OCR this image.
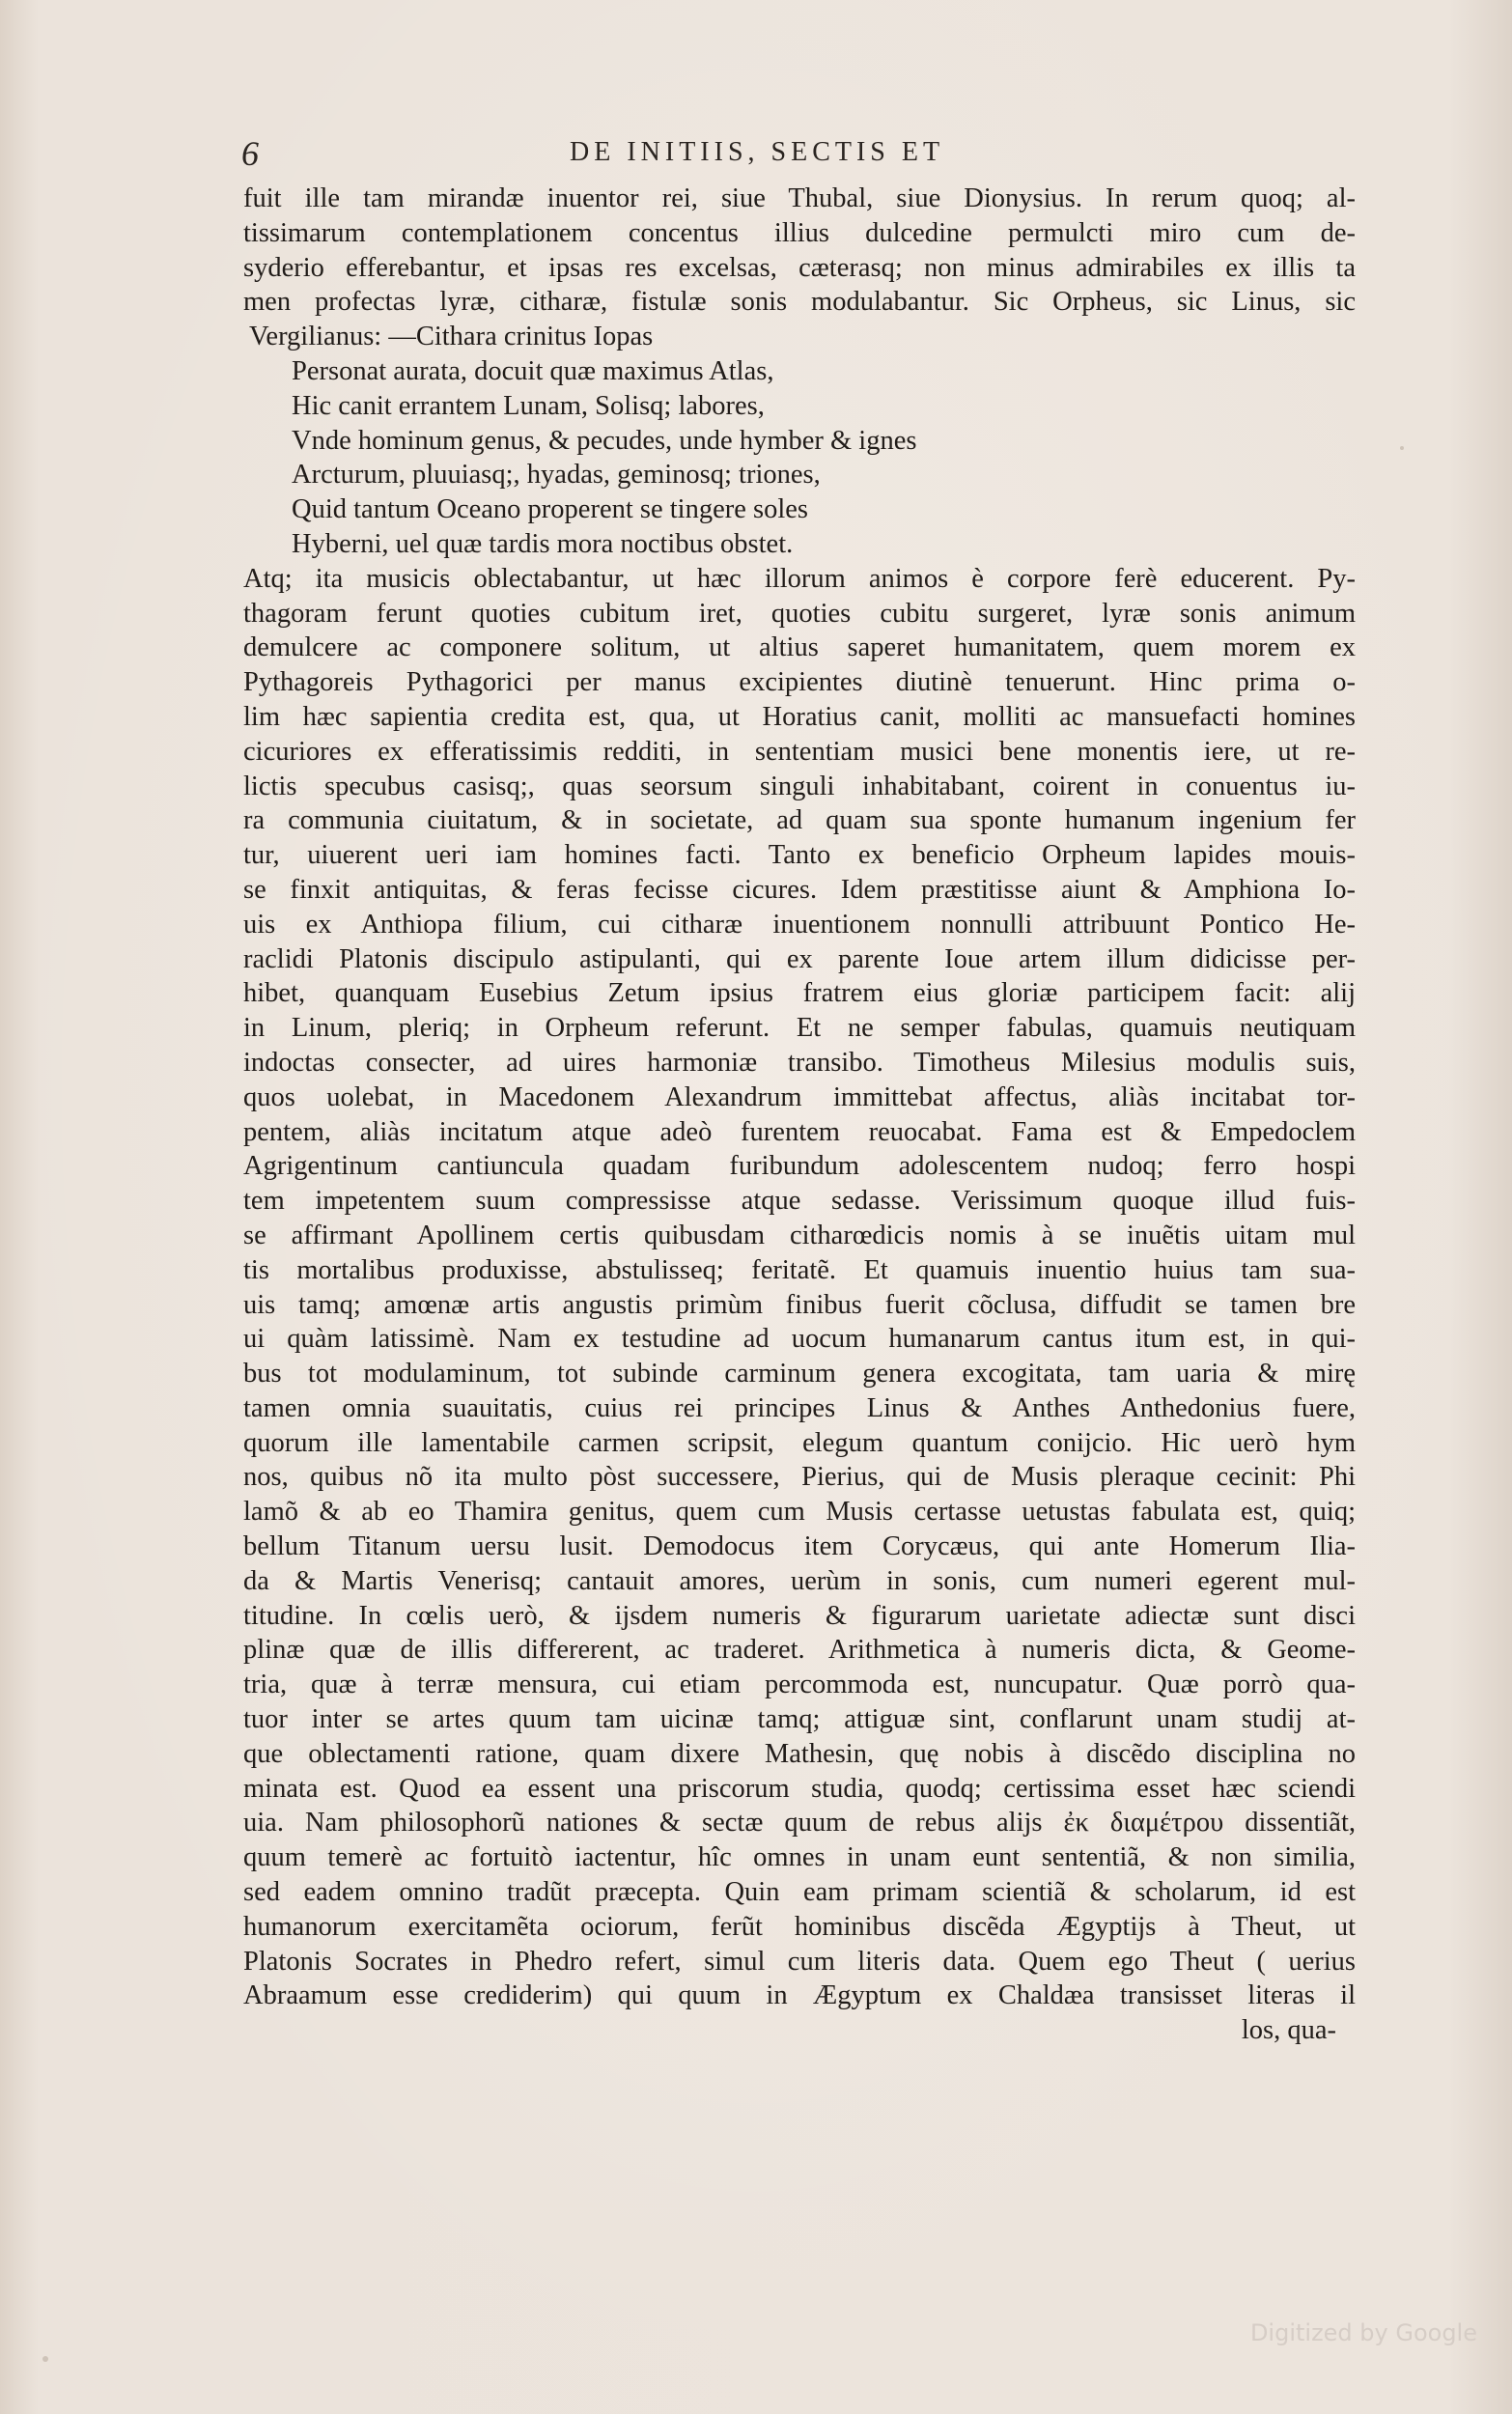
6	DE INITIIS, SECTIS ET
fuit ille tam mirandæ inuentor rei, siue Thubal, siue Dionysius. In rerum quoq; al-
tissimarum contemplationem concentus illius dulcedine permulcti miro cum de-
syderio efferebantur, et ipsas res excelsas, cæterasq; non minus admirabiles ex illis ta
men profectas lyræ, citharæ, fistulæ sonis modulabantur. Sic Orpheus, sic Linus, sic
Vergilianus: —Cithara crinitus Iopas
Personat aurata, docuit quæ maximus Atlas,
Hic canit errantem Lunam, Solisq; labores,
Vnde hominum genus, & pecudes, unde hymber & ignes
Arcturum, pluuiasq;, hyadas, geminosq; triones,
Quid tantum Oceano properent se tingere soles
Hyberni, uel quæ tardis mora noctibus obstet.
Atq; ita musicis oblectabantur, ut hæc illorum animos è corpore ferè educerent. Py-
thagoram ferunt quoties cubitum iret, quoties cubitu surgeret, lyræ sonis animum
demulcere ac componere solitum, ut altius saperet humanitatem, quem morem ex
Pythagoreis Pythagorici per manus excipientes diutinè tenuerunt. Hinc prima o-
lim hæc sapientia credita est, qua, ut Horatius canit, molliti ac mansuefacti homines
cicuriores ex efferatissimis redditi, in sententiam musici bene monentis iere, ut re-
lictis specubus casisq;, quas seorsum singuli inhabitabant, coirent in conuentus iu-
ra communia ciuitatum, & in societate, ad quam sua sponte humanum ingenium fer
tur, uiuerent ueri iam homines facti. Tanto ex beneficio Orpheum lapides mouis-
se finxit antiquitas, & feras fecisse cicures. Idem præstitisse aiunt & Amphiona Io-
uis ex Anthiopa filium, cui citharæ inuentionem nonnulli attribuunt Pontico He-
raclidi Platonis discipulo astipulanti, qui ex parente Ioue artem illum didicisse per-
hibet, quanquam Eusebius Zetum ipsius fratrem eius gloriæ participem facit: alij
in Linum, pleriq; in Orpheum referunt. Et ne semper fabulas, quamuis neutiquam
indoctas consecter, ad uires harmoniæ transibo. Timotheus Milesius modulis suis,
quos uolebat, in Macedonem Alexandrum immittebat affectus, aliàs incitabat tor-
pentem, aliàs incitatum atque adeò furentem reuocabat. Fama est & Empedoclem
Agrigentinum cantiuncula quadam furibundum adolescentem nudoq; ferro hospi
tem impetentem suum compressisse atque sedasse. Verissimum quoque illud fuis-
se affirmant Apollinem certis quibusdam citharœdicis nomis à se inuẽtis uitam mul
tis mortalibus produxisse, abstulisseq; feritatẽ. Et quamuis inuentio huius tam sua-
uis tamq; amœnæ artis angustis primùm finibus fuerit cõclusa, diffudit se tamen bre
ui quàm latissimè. Nam ex testudine ad uocum humanarum cantus itum est, in qui-
bus tot modulaminum, tot subinde carminum genera excogitata, tam uaria & mirę
tamen omnia suauitatis, cuius rei principes Linus & Anthes Anthedonius fuere,
quorum ille lamentabile carmen scripsit, elegum quantum conijcio. Hic uerò hym
nos, quibus nõ ita multo pòst successere, Pierius, qui de Musis pleraque cecinit: Phi
lamõ & ab eo Thamira genitus, quem cum Musis certasse uetustas fabulata est, quiq;
bellum Titanum uersu lusit. Demodocus item Corycæus, qui ante Homerum Ilia-
da & Martis Venerisq; cantauit amores, uerùm in sonis, cum numeri egerent mul-
titudine. In cœlis uerò, & ijsdem numeris & figurarum uarietate adiectæ sunt disci
plinæ quæ de illis differerent, ac traderet. Arithmetica à numeris dicta, & Geome-
tria, quæ à terræ mensura, cui etiam percommoda est, nuncupatur. Quæ porrò qua-
tuor inter se artes quum tam uicinæ tamq; attiguæ sint, conflarunt unam studij at-
que oblectamenti ratione, quam dixere Mathesin, quę nobis à discẽdo disciplina no
minata est. Quod ea essent una priscorum studia, quodq; certissima esset hæc sciendi
uia. Nam philosophorũ nationes & sectæ quum de rebus alijs ἐκ διαμέτρου dissentiãt,
quum temerè ac fortuitò iactentur, hîc omnes in unam eunt sententiã, & non similia,
sed eadem omnino tradũt præcepta. Quin eam primam scientiã & scholarum, id est
humanorum exercitamẽta ociorum, ferũt hominibus discẽda Ægyptijs à Theut, ut
Platonis Socrates in Phedro refert, simul cum literis data. Quem ego Theut ( uerius
Abraamum esse crediderim) qui quum in Ægyptum ex Chaldæa transisset literas il
los, qua-
Digitized by Google
